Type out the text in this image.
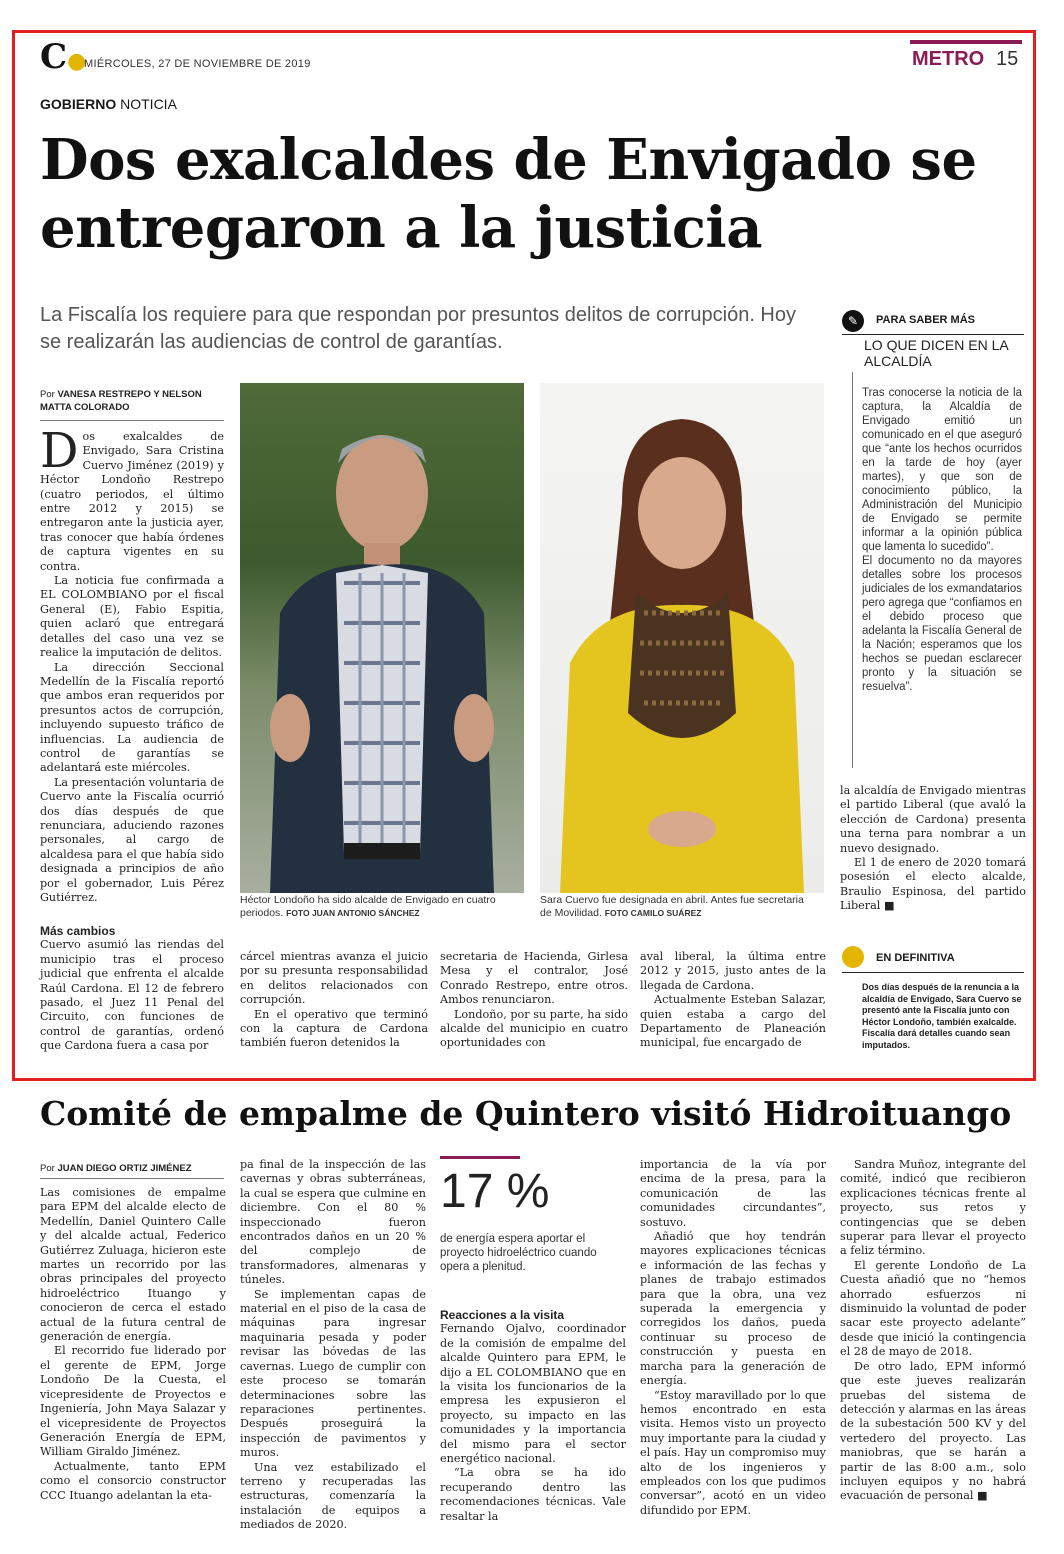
C●
MIÉRCOLES, 27 DE NOVIEMBRE DE 2019	METRO 15
GOBIERNO NOTICIA
Dos exalcaldes de Envigado se entregaron a la justicia
La Fiscalía los requiere para que respondan por presuntos delitos de corrupción. Hoy se realizarán las audiencias de control de garantías.
Por VANESA RESTREPO Y NELSON MATTA COLORADO

Dos exalcaldes de Envigado, Sara Cristina Cuervo Jiménez (2019) y Héctor Londoño Restrepo (cuatro periodos, el último entre 2012 y 2015) se entregaron ante la justicia ayer, tras conocer que había órdenes de captura vigentes en su contra.

La noticia fue confirmada a EL COLOMBIANO por el fiscal General (E), Fabio Espitia, quien aclaró que entregará detalles del caso una vez se realice la imputación de delitos.

La dirección Seccional Medellín de la Fiscalía reportó que ambos eran requeridos por presuntos actos de corrupción, incluyendo supuesto tráfico de influencias. La audiencia de control de garantías se adelantará este miércoles.

La presentación voluntaria de Cuervo ante la Fiscalía ocurrió dos días después de que renunciara, aduciendo razones personales, al cargo de alcaldesa para el que había sido designada a principios de año por el gobernador, Luis Pérez Gutiérrez.

Más cambios

Cuervo asumió las riendas del municipio tras el proceso judicial que enfrenta el alcalde Raúl Cardona. El 12 de febrero pasado, el Juez 11 Penal del Circuito, con funciones de control de garantías, ordenó que Cardona fuera a casa por

Héctor Londoño ha sido alcalde de Envigado en cuatro periodos. FOTO JUAN ANTONIO SÁNCHEZ
Sara Cuervo fue designada en abril. Antes fue secretaria de Movilidad. FOTO CAMILO SUÁREZ

cárcel mientras avanza el juicio por su presunta responsabilidad en delitos relacionados con corrupción.

En el operativo que terminó con la captura de Cardona también fueron detenidos la

secretaria de Hacienda, Girlesa Mesa y el contralor, José Conrado Restrepo, entre otros. Ambos renunciaron.

Londoño, por su parte, ha sido alcalde del municipio en cuatro oportunidades con

aval liberal, la última entre 2012 y 2015, justo antes de la llegada de Cardona.

Actualmente Esteban Salazar, quien estaba a cargo del Departamento de Planeación municipal, fue encargado de

✎	PARA SABER MÁS
LO QUE DICEN EN LA ALCALDÍA
Tras conocerse la noticia de la captura, la Alcaldía de Envigado emitió un comunicado en el que aseguró que “ante los hechos ocurridos en la tarde de hoy (ayer martes), y que son de conocimiento público, la Administración del Municipio de Envigado se permite informar a la opinión pública que lamenta lo sucedido”.
El documento no da mayores detalles sobre los procesos judiciales de los exmandatarios pero agrega que “confiamos en el debido proceso que adelanta la Fiscalía General de la Nación; esperamos que los hechos se puedan esclarecer pronto y la situación se resuelva”.

la alcaldía de Envigado mientras el partido Liberal (que avaló la elección de Cardona) presenta una terna para nombrar a un nuevo designado.

El 1 de enero de 2020 tomará posesión el electo alcalde, Braulio Espinosa, del partido Liberal ■

EN DEFINITIVA
Dos días después de la renuncia a la alcaldía de Envigado, Sara Cuervo se presentó ante la Fiscalía junto con Héctor Londoño, también exalcalde. Fiscalía dará detalles cuando sean imputados.
Comité de empalme de Quintero visitó Hidroituango
Por JUAN DIEGO ORTIZ JIMÉNEZ

Las comisiones de empalme para EPM del alcalde electo de Medellín, Daniel Quintero Calle y del alcalde actual, Federico Gutiérrez Zuluaga, hicieron este martes un recorrido por las obras principales del proyecto hidroeléctrico Ituango y conocieron de cerca el estado actual de la futura central de generación de energía.

El recorrido fue liderado por el gerente de EPM, Jorge Londoño De la Cuesta, el vicepresidente de Proyectos e Ingeniería, John Maya Salazar y el vicepresidente de Proyectos Generación Energía de EPM, William Giraldo Jiménez.

Actualmente, tanto EPM como el consorcio constructor CCC Ituango adelantan la eta-

pa final de la inspección de las cavernas y obras subterráneas, la cual se espera que culmine en diciembre. Con el 80 % inspeccionado fueron encontrados daños en un 20 % del complejo de transformadores, almenaras y túneles.

Se implementan capas de material en el piso de la casa de máquinas para ingresar maquinaria pesada y poder revisar las bóvedas de las cavernas. Luego de cumplir con este proceso se tomarán determinaciones sobre las reparaciones pertinentes. Después proseguirá la inspección de pavimentos y muros.

Una vez estabilizado el terreno y recuperadas las estructuras, comenzaría la instalación de equipos a mediados de 2020.

17 %
de energía espera aportar el proyecto hidroeléctrico cuando opera a plenitud.
Reacciones a la visita

Fernando Ojalvo, coordinador de la comisión de empalme del alcalde Quintero para EPM, le dijo a EL COLOMBIANO que en la visita los funcionarios de la empresa les expusieron el proyecto, su impacto en las comunidades y la importancia del mismo para el sector energético nacional.

“La obra se ha ido recuperando dentro las recomendaciones técnicas. Vale resaltar la

importancia de la vía por encima de la presa, para la comunicación de las comunidades circundantes”, sostuvo.

Añadió que hoy tendrán mayores explicaciones técnicas e información de las fechas y planes de trabajo estimados para que la obra, una vez superada la emergencia y corregidos los daños, pueda continuar su proceso de construcción y puesta en marcha para la generación de energía.

“Estoy maravillado por lo que hemos encontrado en esta visita. Hemos visto un proyecto muy importante para la ciudad y el país. Hay un compromiso muy alto de los ingenieros y empleados con los que pudimos conversar”, acotó en un video difundido por EPM.

Sandra Muñoz, integrante del comité, indicó que recibieron explicaciones técnicas frente al proyecto, sus retos y contingencias que se deben superar para llevar el proyecto a feliz término.

El gerente Londoño de La Cuesta añadió que no “hemos ahorrado esfuerzos ni disminuido la voluntad de poder sacar este proyecto adelante” desde que inició la contingencia el 28 de mayo de 2018.

De otro lado, EPM informó que este jueves realizarán pruebas del sistema de detección y alarmas en las áreas de la subestación 500 KV y del vertedero del proyecto. Las maniobras, que se harán a partir de las 8:00 a.m., solo incluyen equipos y no habrá evacuación de personal ■
